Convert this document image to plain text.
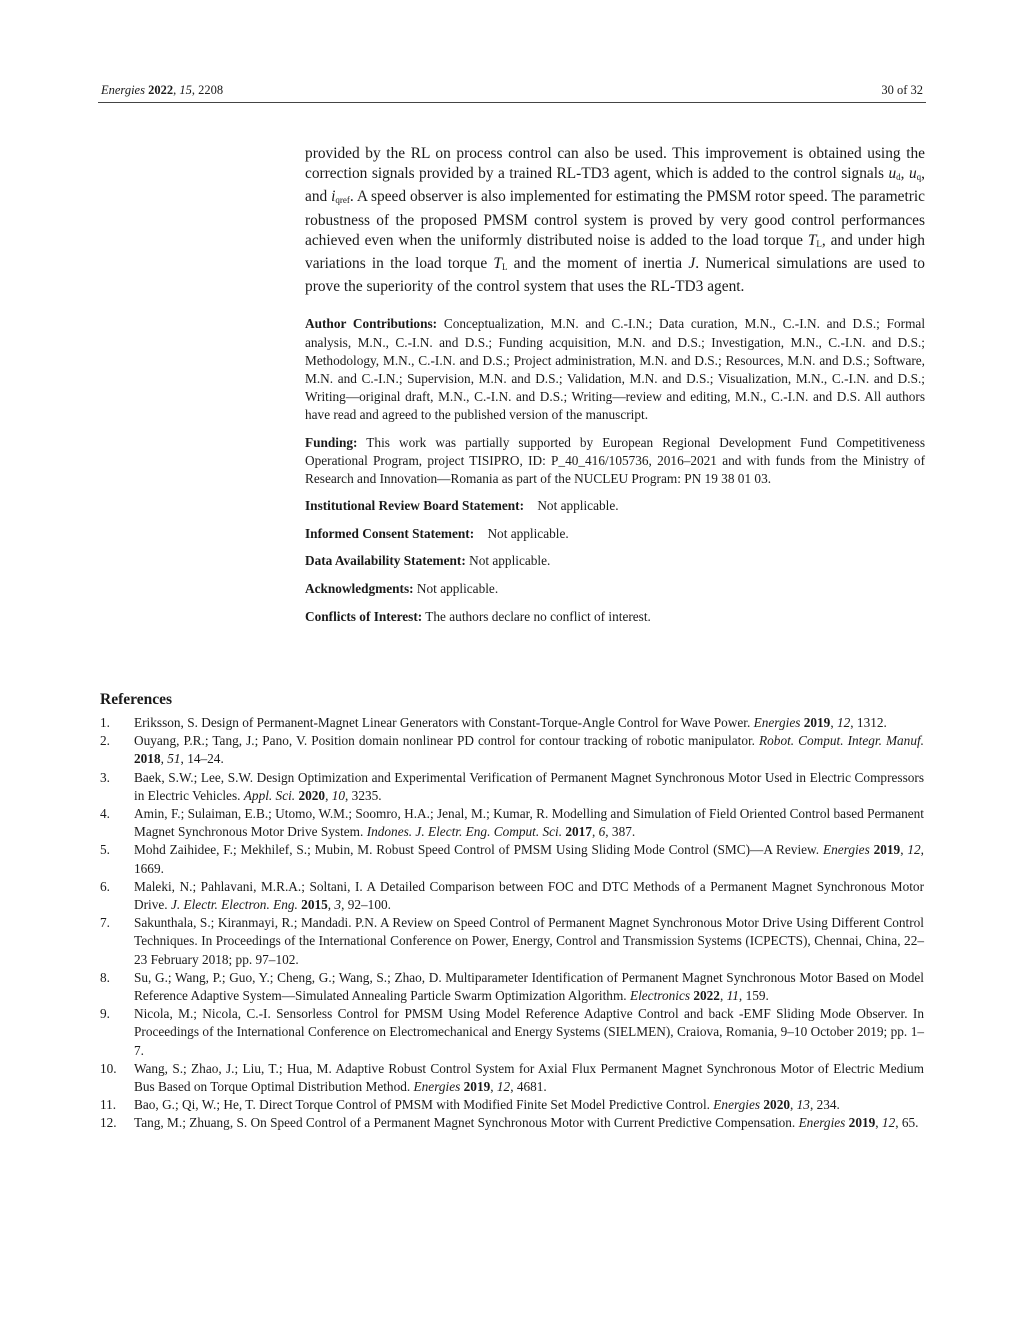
Energies 2022, 15, 2208	30 of 32

provided by the RL on process control can also be used. This improvement is obtained using the correction signals provided by a trained RL-TD3 agent, which is added to the control signals $u_d$, $u_q$, and $i_{qref}$. A speed observer is also implemented for estimating the PMSM rotor speed. The parametric robustness of the proposed PMSM control system is proved by very good control performances achieved even when the uniformly distributed noise is added to the load torque $T_L$, and under high variations in the load torque $T_L$ and the moment of inertia J. Numerical simulations are used to prove the superiority of the control system that uses the RL-TD3 agent.

Author Contributions: Conceptualization, M.N. and C.-I.N.; Data curation, M.N., C.-I.N. and D.S.; Formal analysis, M.N., C.-I.N. and D.S.; Funding acquisition, M.N. and D.S.; Investigation, M.N., C.-I.N. and D.S.; Methodology, M.N., C.-I.N. and D.S.; Project administration, M.N. and D.S.; Resources, M.N. and D.S.; Software, M.N. and C.-I.N.; Supervision, M.N. and D.S.; Validation, M.N. and D.S.; Visualization, M.N., C.-I.N. and D.S.; Writing—original draft, M.N., C.-I.N. and D.S.; Writing—review and editing, M.N., C.-I.N. and D.S. All authors have read and agreed to the published version of the manuscript.

Funding: This work was partially supported by European Regional Development Fund Competitiveness Operational Program, project TISIPRO, ID: P_40_416/105736, 2016–2021 and with funds from the Ministry of Research and Innovation—Romania as part of the NUCLEU Program: PN 19 38 01 03.

Institutional Review Board Statement: Not applicable.

Informed Consent Statement: Not applicable.

Data Availability Statement: Not applicable.

Acknowledgments: Not applicable.

Conflicts of Interest: The authors declare no conflict of interest.

References
1. Eriksson, S. Design of Permanent-Magnet Linear Generators with Constant-Torque-Angle Control for Wave Power. Energies 2019, 12, 1312.
2. Ouyang, P.R.; Tang, J.; Pano, V. Position domain nonlinear PD control for contour tracking of robotic manipulator. Robot. Comput. Integr. Manuf. 2018, 51, 14–24.
3. Baek, S.W.; Lee, S.W. Design Optimization and Experimental Verification of Permanent Magnet Synchronous Motor Used in Electric Compressors in Electric Vehicles. Appl. Sci. 2020, 10, 3235.
4. Amin, F.; Sulaiman, E.B.; Utomo, W.M.; Soomro, H.A.; Jenal, M.; Kumar, R. Modelling and Simulation of Field Oriented Control based Permanent Magnet Synchronous Motor Drive System. Indones. J. Electr. Eng. Comput. Sci. 2017, 6, 387.
5. Mohd Zaihidee, F.; Mekhilef, S.; Mubin, M. Robust Speed Control of PMSM Using Sliding Mode Control (SMC)—A Review. Energies 2019, 12, 1669.
6. Maleki, N.; Pahlavani, M.R.A.; Soltani, I. A Detailed Comparison between FOC and DTC Methods of a Permanent Magnet Synchronous Motor Drive. J. Electr. Electron. Eng. 2015, 3, 92–100.
7. Sakunthala, S.; Kiranmayi, R.; Mandadi. P.N. A Review on Speed Control of Permanent Magnet Synchronous Motor Drive Using Different Control Techniques. In Proceedings of the International Conference on Power, Energy, Control and Transmission Systems (ICPECTS), Chennai, China, 22–23 February 2018; pp. 97–102.
8. Su, G.; Wang, P.; Guo, Y.; Cheng, G.; Wang, S.; Zhao, D. Multiparameter Identification of Permanent Magnet Synchronous Motor Based on Model Reference Adaptive System—Simulated Annealing Particle Swarm Optimization Algorithm. Electronics 2022, 11, 159.
9. Nicola, M.; Nicola, C.-I. Sensorless Control for PMSM Using Model Reference Adaptive Control and back -EMF Sliding Mode Observer. In Proceedings of the International Conference on Electromechanical and Energy Systems (SIELMEN), Craiova, Romania, 9–10 October 2019; pp. 1–7.
10. Wang, S.; Zhao, J.; Liu, T.; Hua, M. Adaptive Robust Control System for Axial Flux Permanent Magnet Synchronous Motor of Electric Medium Bus Based on Torque Optimal Distribution Method. Energies 2019, 12, 4681.
11. Bao, G.; Qi, W.; He, T. Direct Torque Control of PMSM with Modified Finite Set Model Predictive Control. Energies 2020, 13, 234.
12. Tang, M.; Zhuang, S. On Speed Control of a Permanent Magnet Synchronous Motor with Current Predictive Compensation. Energies 2019, 12, 65.
